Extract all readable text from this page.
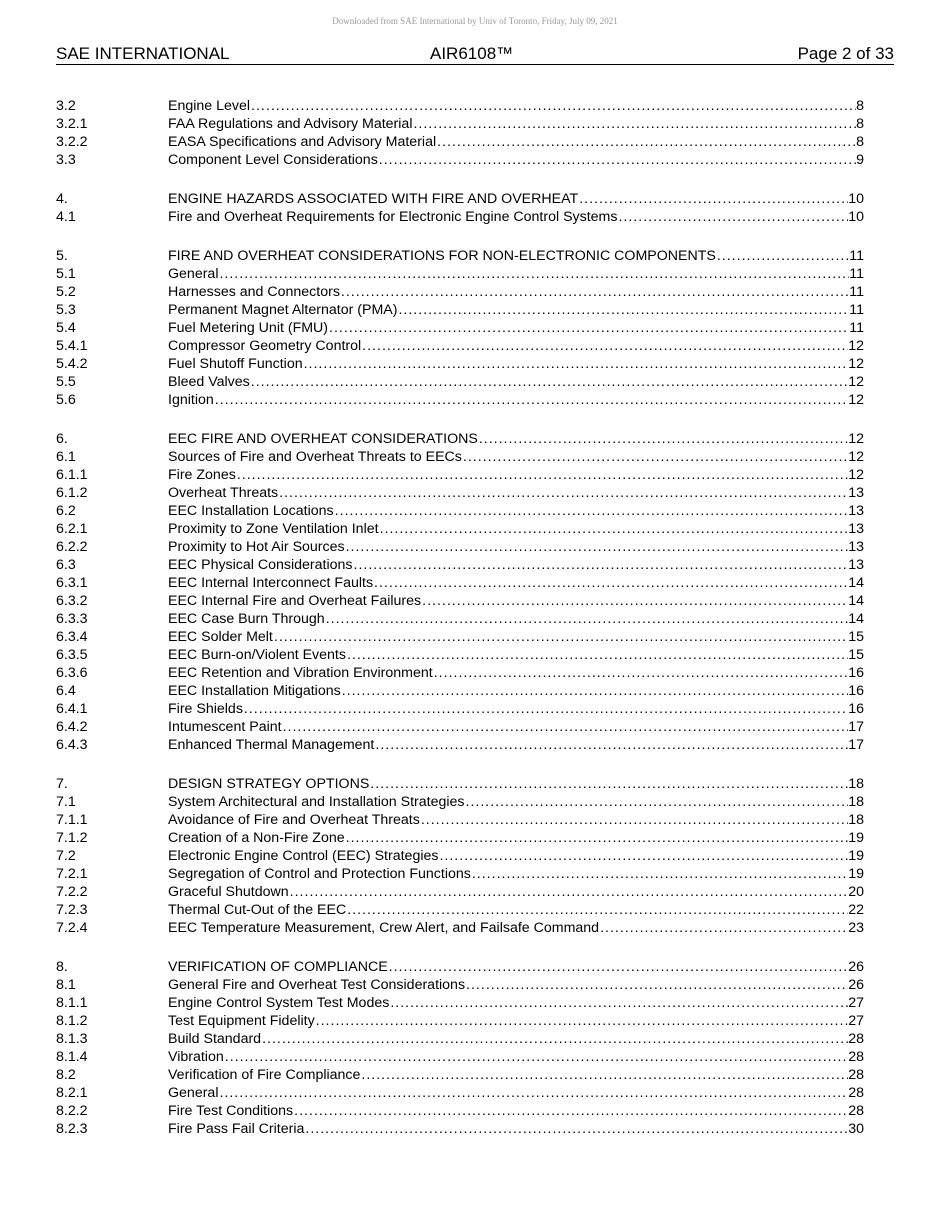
Downloaded from SAE International by Univ of Toronto, Friday, July 09, 2021
SAE INTERNATIONAL	AIR6108™	Page 2 of 33
3.2	Engine Level .....	8
3.2.1	FAA Regulations and Advisory Material .....	8
3.2.2	EASA Specifications and Advisory Material .....	8
3.3	Component Level Considerations .....	9
4.	ENGINE HAZARDS ASSOCIATED WITH FIRE AND OVERHEAT .....	10
4.1	Fire and Overheat Requirements for Electronic Engine Control Systems .....	10
5.	FIRE AND OVERHEAT CONSIDERATIONS FOR NON-ELECTRONIC COMPONENTS .....	11
5.1	General .....	11
5.2	Harnesses and Connectors .....	11
5.3	Permanent Magnet Alternator (PMA) .....	11
5.4	Fuel Metering Unit (FMU) .....	11
5.4.1	Compressor Geometry Control .....	12
5.4.2	Fuel Shutoff Function .....	12
5.5	Bleed Valves .....	12
5.6	Ignition .....	12
6.	EEC FIRE AND OVERHEAT CONSIDERATIONS .....	12
6.1	Sources of Fire and Overheat Threats to EECs .....	12
6.1.1	Fire Zones .....	12
6.1.2	Overheat Threats .....	13
6.2	EEC Installation Locations .....	13
6.2.1	Proximity to Zone Ventilation Inlet .....	13
6.2.2	Proximity to Hot Air Sources .....	13
6.3	EEC Physical Considerations .....	13
6.3.1	EEC Internal Interconnect Faults .....	14
6.3.2	EEC Internal Fire and Overheat Failures .....	14
6.3.3	EEC Case Burn Through .....	14
6.3.4	EEC Solder Melt .....	15
6.3.5	EEC Burn-on/Violent Events .....	15
6.3.6	EEC Retention and Vibration Environment .....	16
6.4	EEC Installation Mitigations .....	16
6.4.1	Fire Shields .....	16
6.4.2	Intumescent Paint .....	17
6.4.3	Enhanced Thermal Management .....	17
7.	DESIGN STRATEGY OPTIONS .....	18
7.1	System Architectural and Installation Strategies .....	18
7.1.1	Avoidance of Fire and Overheat Threats .....	18
7.1.2	Creation of a Non-Fire Zone .....	19
7.2	Electronic Engine Control (EEC) Strategies .....	19
7.2.1	Segregation of Control and Protection Functions .....	19
7.2.2	Graceful Shutdown .....	20
7.2.3	Thermal Cut-Out of the EEC .....	22
7.2.4	EEC Temperature Measurement, Crew Alert, and Failsafe Command .....	23
8.	VERIFICATION OF COMPLIANCE .....	26
8.1	General Fire and Overheat Test Considerations .....	26
8.1.1	Engine Control System Test Modes .....	27
8.1.2	Test Equipment Fidelity .....	27
8.1.3	Build Standard .....	28
8.1.4	Vibration .....	28
8.2	Verification of Fire Compliance .....	28
8.2.1	General .....	28
8.2.2	Fire Test Conditions .....	28
8.2.3	Fire Pass Fail Criteria .....	30
